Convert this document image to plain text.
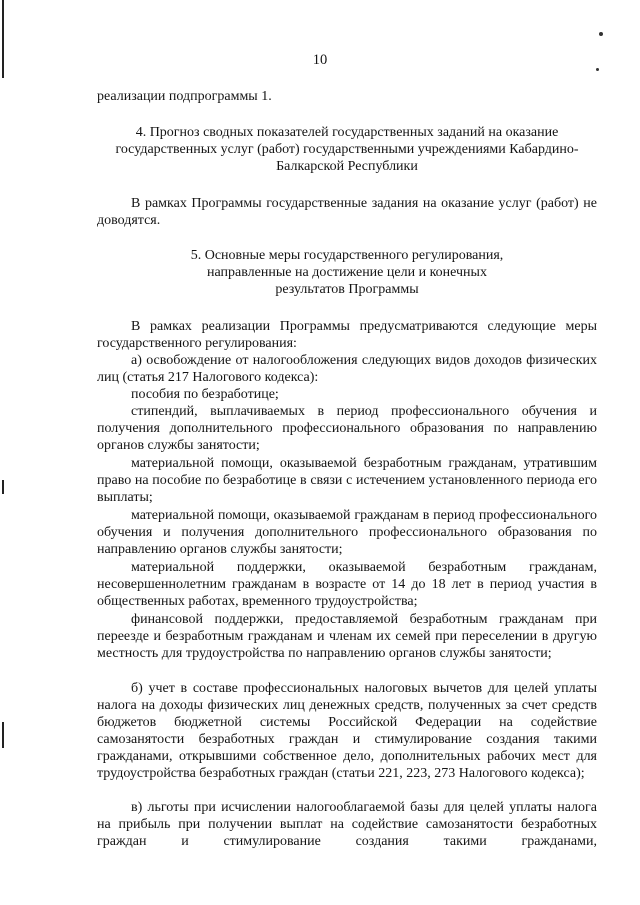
10

реализации подпрограммы 1.

4. Прогноз сводных показателей государственных заданий на оказание
государственных услуг (работ) государственными учреждениями Кабардино-
Балкарской Республики

В рамках Программы государственные задания на оказание услуг (работ) не доводятся.

5. Основные меры государственного регулирования,
направленные на достижение цели и конечных
результатов Программы

В рамках реализации Программы предусматриваются следующие меры государственного регулирования:

а) освобождение от налогообложения следующих видов доходов физических лиц (статья 217 Налогового кодекса):

пособия по безработице;

стипендий, выплачиваемых в период профессионального обучения и получения дополнительного профессионального образования по направлению органов службы занятости;

материальной помощи, оказываемой безработным гражданам, утратившим право на пособие по безработице в связи с истечением установленного периода его выплаты;

материальной помощи, оказываемой гражданам в период профессионального обучения и получения дополнительного профессионального образования по направлению органов службы занятости;

материальной поддержки, оказываемой безработным гражданам, несовершеннолетним гражданам в возрасте от 14 до 18 лет в период участия в общественных работах, временного трудоустройства;

финансовой поддержки, предоставляемой безработным гражданам при переезде и безработным гражданам и членам их семей при переселении в другую местность для трудоустройства по направлению органов службы занятости;

б) учет в составе профессиональных налоговых вычетов для целей уплаты налога на доходы физических лиц денежных средств, полученных за счет средств бюджетов бюджетной системы Российской Федерации на содействие самозанятости безработных граждан и стимулирование создания такими гражданами, открывшими собственное дело, дополнительных рабочих мест для трудоустройства безработных граждан (статьи 221, 223, 273 Налогового кодекса);

в) льготы при исчислении налогооблагаемой базы для целей уплаты налога на прибыль при получении выплат на содействие самозанятости безработных граждан и стимулирование создания такими гражданами,
